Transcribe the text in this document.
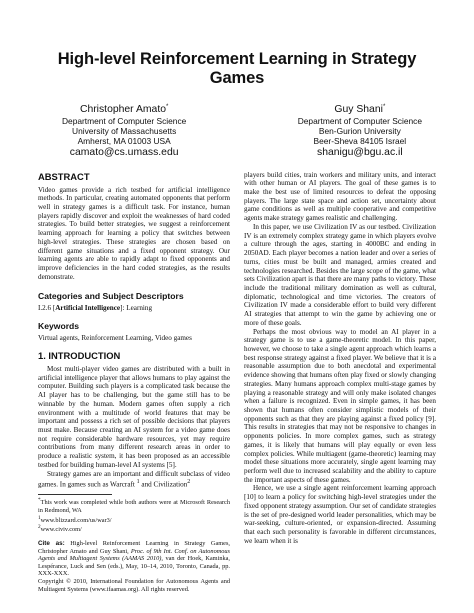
High-level Reinforcement Learning in Strategy Games
Christopher Amato*
Department of Computer Science
University of Massachusetts
Amherst, MA 01003 USA
camato@cs.umass.edu
Guy Shani*
Department of Computer Science
Ben-Gurion University
Beer-Sheva 84105 Israel
shanigu@bgu.ac.il
ABSTRACT

Video games provide a rich testbed for artificial intelligence methods. In particular, creating automated opponents that perform well in strategy games is a difficult task. For instance, human players rapidly discover and exploit the weaknesses of hard coded strategies. To build better strategies, we suggest a reinforcement learning approach for learning a policy that switches between high-level strategies. These strategies are chosen based on different game situations and a fixed opponent strategy. Our learning agents are able to rapidly adapt to fixed opponents and improve deficiencies in the hard coded strategies, as the results demonstrate.

Categories and Subject Descriptors

I.2.6 [Artificial Intelligence]: Learning

Keywords

Virtual agents, Reinforcement Learning, Video games

1. INTRODUCTION

Most multi-player video games are distributed with a built in artificial intelligence player that allows humans to play against the computer. Building such players is a complicated task because the AI player has to be challenging, but the game still has to be winnable by the human. Modern games often supply a rich environment with a multitude of world features that may be important and possess a rich set of possible decisions that players must make. Because creating an AI system for a video game does not require considerable hardware resources, yet may require contributions from many different research areas in order to produce a realistic system, it has been proposed as an accessible testbed for building human-level AI systems [5].

Strategy games are an important and difficult subclass of video games. In games such as Warcraft $^1$ and Civilization$^2$

*This work was completed while both authors were at Microsoft Research in Redmond, WA

$^1$www.blizzard.com/us/war3/

$^2$www.civiv.com/

Cite as: High-level Reinforcement Learning in Strategy Games, Christopher Amato and Guy Shani, Proc. of 9th Int. Conf. on Autonomous Agents and Multiagent Systems (AAMAS 2010), van der Hoek, Kaminka, Lespérance, Luck and Sen (eds.), May, 10–14, 2010, Toronto, Canada, pp. XXX-XXX.
Copyright © 2010, International Foundation for Autonomous Agents and Multiagent Systems (www.ifaamas.org). All rights reserved.

players build cities, train workers and military units, and interact with other human or AI players. The goal of these games is to make the best use of limited resources to defeat the opposing players. The large state space and action set, uncertainty about game conditions as well as multiple cooperative and competitive agents make strategy games realistic and challenging.

In this paper, we use Civilization IV as our testbed. Civilization IV is an extremely complex strategy game in which players evolve a culture through the ages, starting in 4000BC and ending in 2050AD. Each player becomes a nation leader and over a series of turns, cities must be built and managed, armies created and technologies researched. Besides the large scope of the game, what sets Civilization apart is that there are many paths to victory. These include the traditional military domination as well as cultural, diplomatic, technological and time victories. The creators of Civilization IV made a considerable effort to build very different AI strategies that attempt to win the game by achieving one or more of these goals.

Perhaps the most obvious way to model an AI player in a strategy game is to use a game-theoretic model. In this paper, however, we choose to take a single agent approach which learns a best response strategy against a fixed player. We believe that it is a reasonable assumption due to both anecdotal and experimental evidence showing that humans often play fixed or slowly changing strategies. Many humans approach complex multi-stage games by playing a reasonable strategy and will only make isolated changes when a failure is recognized. Even in simple games, it has been shown that humans often consider simplistic models of their opponents such as that they are playing against a fixed policy [9]. This results in strategies that may not be responsive to changes in opponents policies. In more complex games, such as strategy games, it is likely that humans will play equally or even less complex policies. While multiagent (game-theoretic) learning may model these situations more accurately, single agent learning may perform well due to increased scalability and the ability to capture the important aspects of these games.

Hence, we use a single agent reinforcement learning approach [10] to learn a policy for switching high-level strategies under the fixed opponent strategy assumption. Our set of candidate strategies is the set of pre-designed world leader personalities, which may be war-seeking, culture-oriented, or expansion-directed. Assuming that each such personality is favorable in different circumstances, we learn when it is
